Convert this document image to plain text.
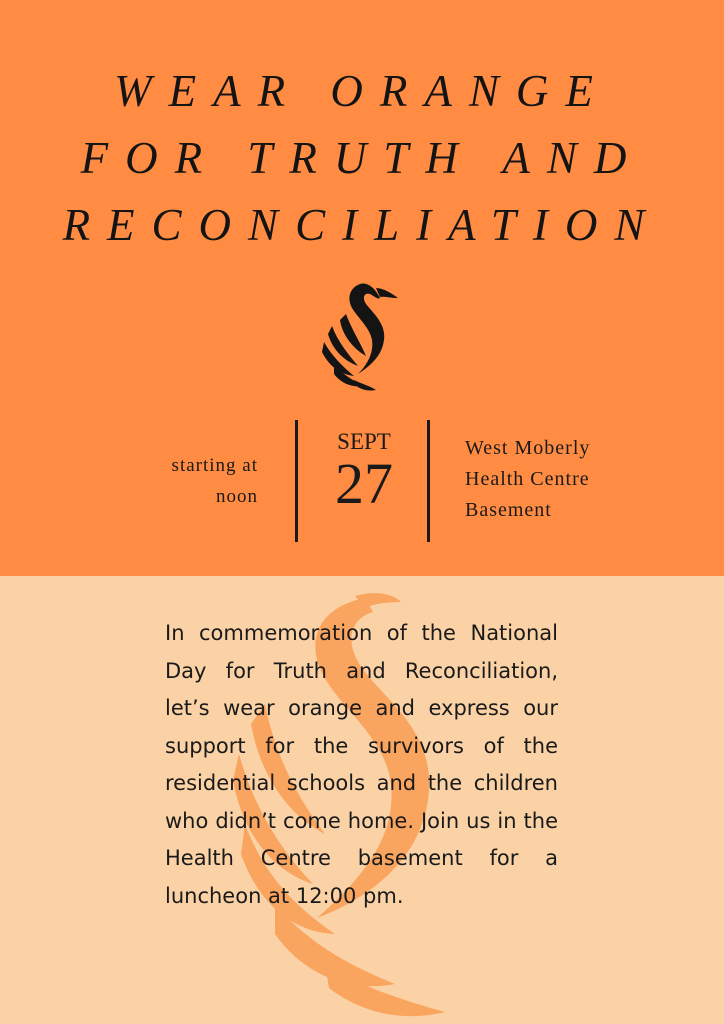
WEAR ORANGE
FOR TRUTH AND
RECONCILIATION
starting at
noon
SEPT
27
West Moberly
Health Centre
Basement

In commemoration of the National Day for Truth and Reconciliation, let’s wear orange and express our support for the survivors of the residential schools and the children who didn’t come home. Join us in the Health Centre basement for a luncheon at 12:00 pm.
